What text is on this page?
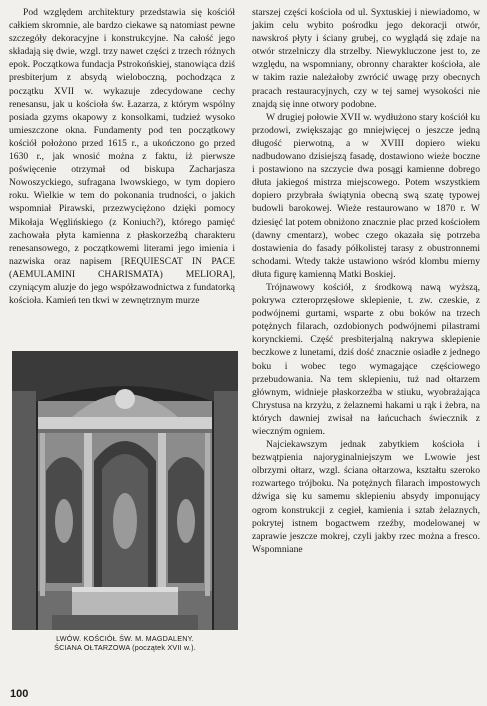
Pod względem architektury przedstawia się kościół całkiem skromnie, ale bardzo ciekawe są natomiast pewne szczegóły dekoracyjne i konstrukcyjne. Na całość jego składają się dwie, wzgl. trzy nawet części z trzech różnych epok. Początkowa fundacja Pstrokońskiej, stanowiąca dziś presbiterjum z absydą wieloboczną, pochodząca z początku XVII w. wykazuje zdecydowane cechy renesansu, jak u kościoła św. Łazarza, z którym wspólny posiada gzyms okapowy z konsolkami, tudzież wysoko umieszczone okna. Fundamenty pod ten początkowy kościół położono przed 1615 r., a ukończono go przed 1630 r., jak wnosić można z faktu, iż pierwsze poświęcenie otrzymał od biskupa Zacharjasza Nowoszyckiego, sufragana lwowskiego, w tym dopiero roku. Wielkie w tem do pokonania trudności, o jakich wspomniał Pirawski, przezwyciężono dzięki pomocy Mikołaja Węglińskiego (z Koniuch?), którego pamięć zachowała płyta kamienna z płaskorzeźbą charakteru renesansowego, z początkowemi literami jego imienia i nazwiska oraz napisem [REQUIESCAT IN PACE (AEMULAMINI CHARISMATA) MELIORA], czyniącym aluzje do jego współzawodnictwa z fundatorką kościoła. Kamień ten tkwi w zewnętrznym murze

starszej części kościoła od ul. Syxtuskiej i niewiadomo, w jakim celu wybito pośrodku jego dekoracji otwór, nawskroś płyty i ściany grubej, co wyglądá się zdaje na otwór strzelniczy dla strzelby. Niewykluczone jest to, ze względu, na wspomniany, obronny charakter kościoła, ale w takim razie należałoby zwrócić uwagę przy obecnych pracach restauracyjnych, czy w tej samej wysokości nie znajdą się inne otwory podobne.

W drugiej połowie XVII w. wydłużono stary kościół ku przodowi, zwiększając go mniejwięcej o jeszcze jedną długość pierwotną, a w XVIII dopiero wieku nadbudowano dzisiejszą fasadę, dostawiono wieże boczne i postawiono na szczycie dwa posągi kamienne dobrego dłuta jakiegoś mistrza miejscowego. Potem wszystkiem dopiero przybrała świątynia obecną swą szatę typowej budowli barokowej. Wieże restaurowano w 1870 r. W dziesięć lat potem obniżono znacznie plac przed kościołem (dawny cmentarz), wobec czego okazała się potrzeba dostawienia do fasady półkolistej tarasy z obustronnemi schodami. Wtedy także ustawiono wśród klombu mierny dłuta figurę kamienną Matki Boskiej.

Trójnawowy kościół, z środkową nawą wyższą, pokrywa czteroprzęsłowe sklepienie, t. zw. czeskie, z podwójnemi gurtami, wsparte z obu boków na trzech potężnych filarach, ozdobionych podwójnemi pilastrami korynckiemi. Część presbiterjalną nakrywa sklepienie beczkowe z lunetami, dziś dość znacznie osiadłe z jednego boku i wobec tego wymagające częściowego przebudowania. Na tem sklepieniu, tuż nad ołtarzem głównym, widnieje płaskorzeźba w stiuku, wyobrażająca Chrystusa na krzyżu, z żelaznemi hakami u rąk i żebra, na których dawniej zwisał na łańcuchach świecznik z wieczným ogniem.

Najciekawszym jednak zabytkiem kościoła i bezwątpienia najoryginalniejszym we Lwowie jest olbrzymi ołtarz, wzgl. ściana ołtarzowa, kształtu szeroko rozwartego trójboku. Na potężnych filarach impostowych dźwiga się ku samemu sklepieniu absydy imponujący ogrom konstrukcji z cegieł, kamienia i sztab żelaznych, pokrytej istnem bogactwem rzeźby, modelowanej w zaprawie jeszcze mokrej, czyli jakby rzec można a fresco. Wspomniane

LWÓW. KOŚCIÓŁ ŚW. M. MAGDALENY.
ŚCIANA OŁTARZOWA (początek XVII w.).
100
